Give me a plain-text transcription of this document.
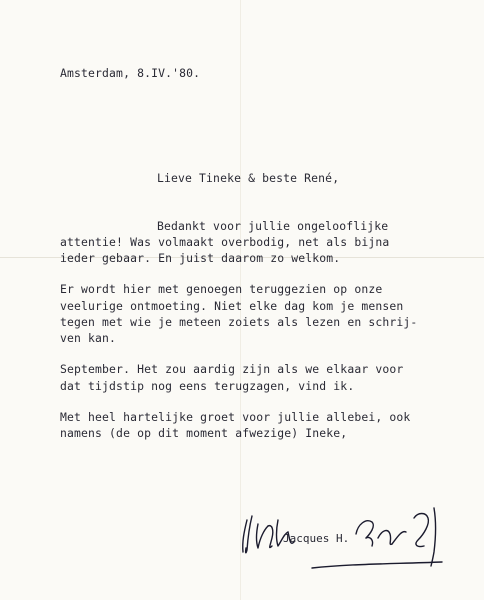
Amsterdam, 8.IV.'80.
Lieve Tineke & beste René,
Bedankt voor jullie ongelooflijke
attentie! Was volmaakt overbodig, net als bijna
ieder gebaar. En juist daarom zo welkom.
Er wordt hier met genoegen teruggezien op onze
veelurige ontmoeting. Niet elke dag kom je mensen
tegen met wie je meteen zoiets als lezen en schrij-
ven kan.
September. Het zou aardig zijn als we elkaar voor
dat tijdstip nog eens terugzagen, vind ik.
Met heel hartelijke groet voor jullie allebei, ook
namens (de op dit moment afwezige) Ineke,
Jacques H.
